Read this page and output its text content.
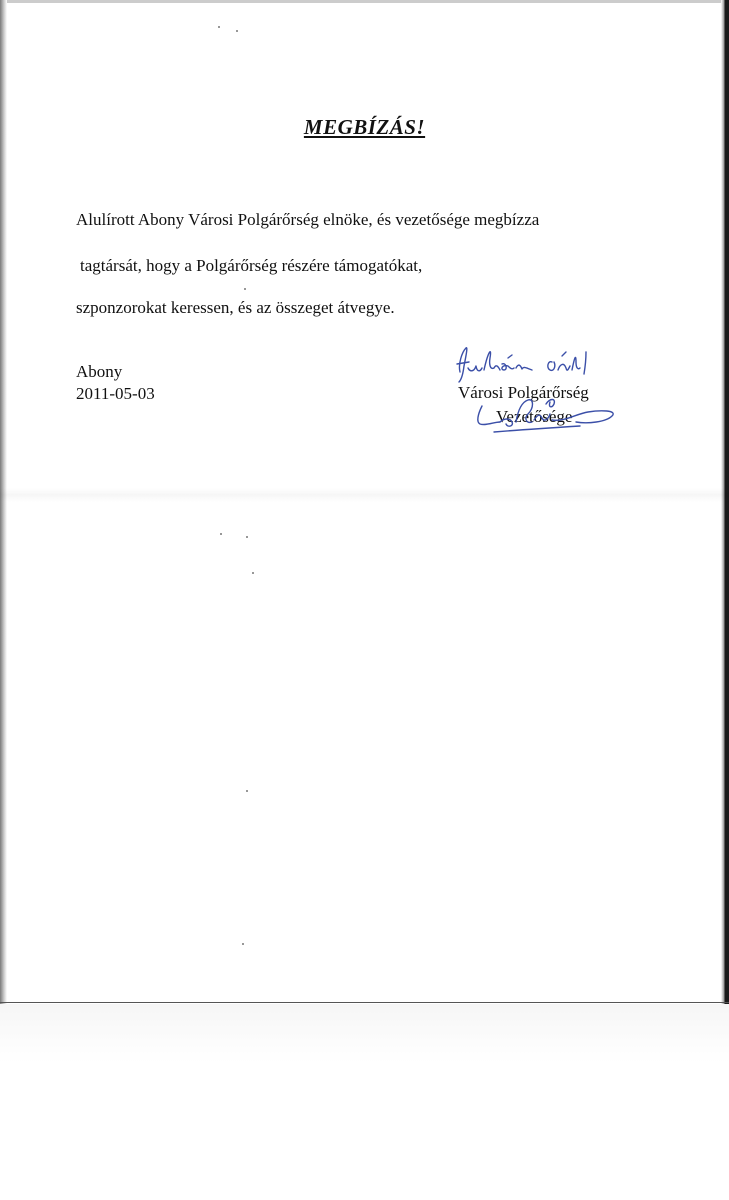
MEGBÍZÁS!

Alulírott Abony Városi Polgárőrség elnöke, és vezetősége megbízza

tagtársát, hogy a Polgárőrség részére támogatókat,

szponzorokat keressen, és az összeget átvegye.

Abony
2011-05-03	Városi Polgárőrség
Vezetősége
